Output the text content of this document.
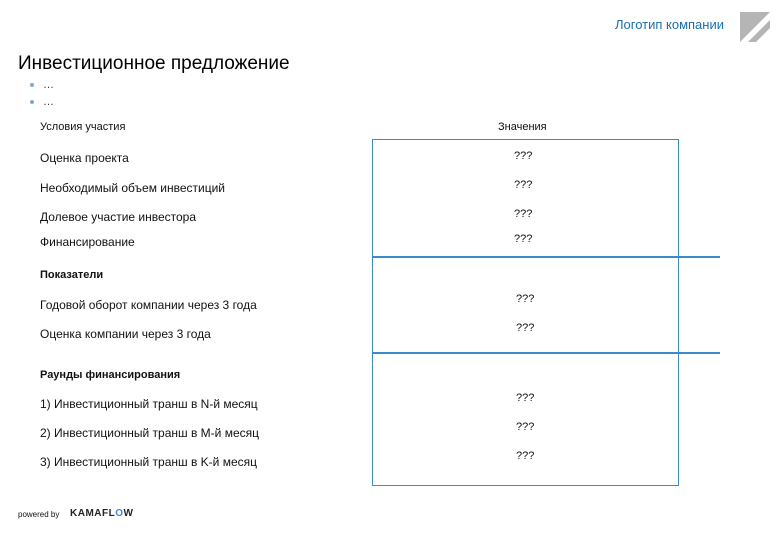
Логотип компании
Инвестиционное предложение
…
…
Условия участия	Значения
Оценка проекта	???
Необходимый объем инвестиций	???
Долевое участие инвестора	???
Финансирование	???
Показатели
Годовой оборот компании через 3 года	???
Оценка компании через 3 года	???
Раунды финансирования
1) Инвестиционный транш в N-й месяц	???
2) Инвестиционный транш в M-й месяц	???
3) Инвестиционный транш в K-й месяц	???
powered by KAMAFLOW
